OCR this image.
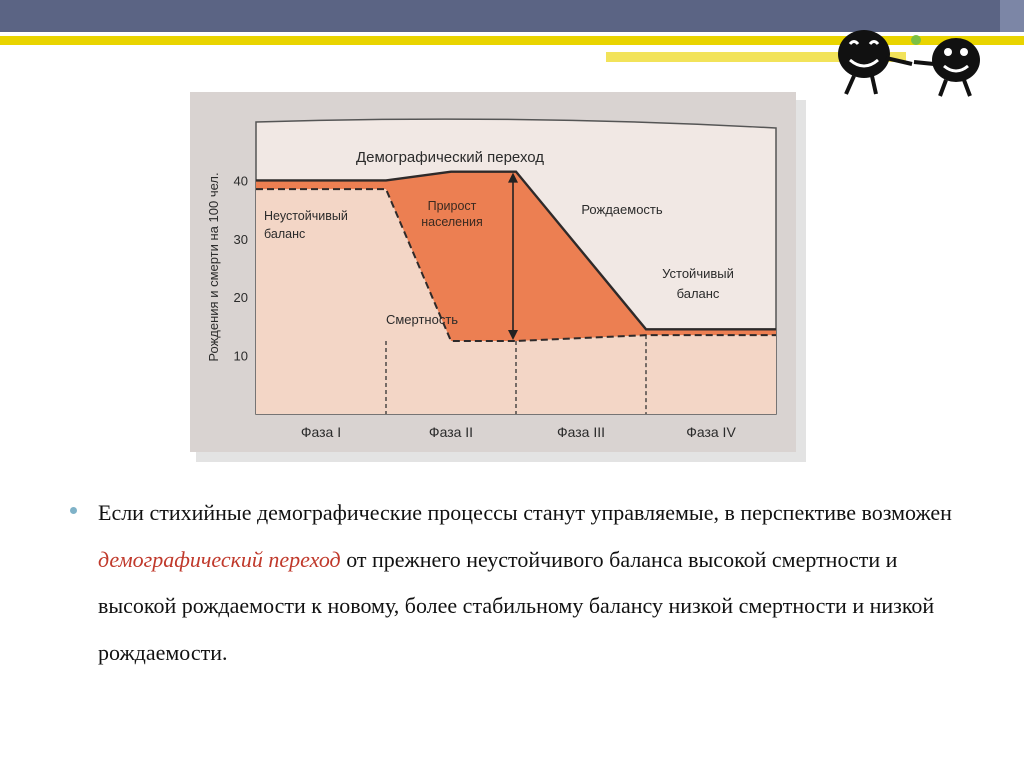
10
20
30
40
Фаза I	Фаза II	Фаза III	Фаза IV
Рождаемость
Смертность
Демографический переход
Рождения и смерти на 100 чел.	Неустойчивый баланс
Прирост населения
Устойчивый баланс

Если стихийные демографические процессы станут управляемые, в перспективе возможен демографический переход от прежнего неустойчивого баланса высокой смертности и высокой рождаемости к новому, более стабильному балансу низкой смертности и низкой рождаемости.
